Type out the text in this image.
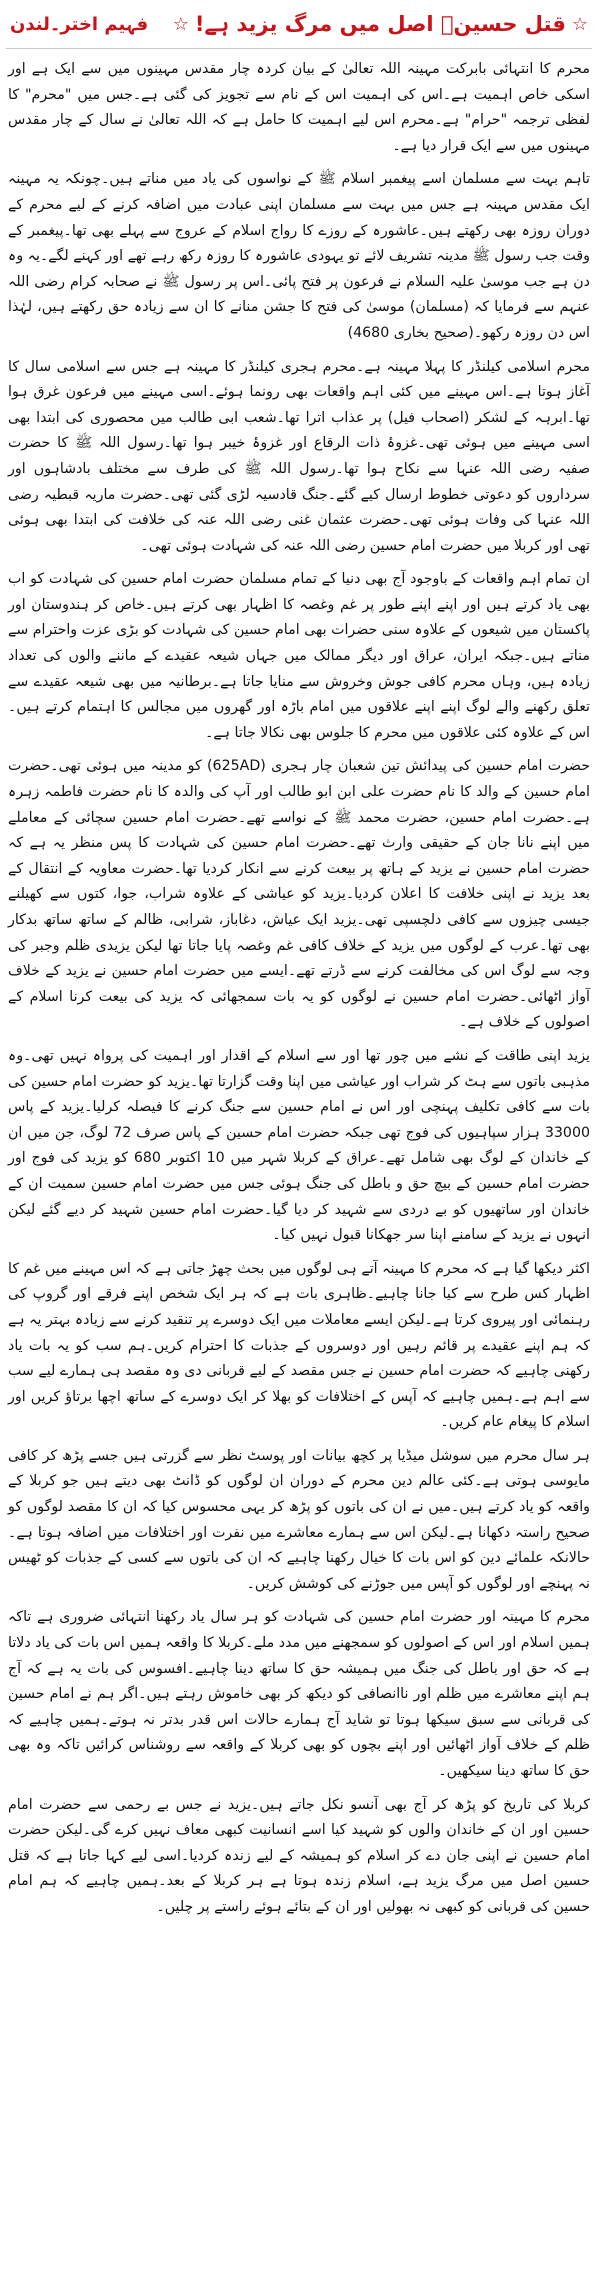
☆
قتل حسینؓ اصل میں مرگ یزید ہے!
☆
فہیم اختر۔لندن

محرم کا انتہائی بابرکت مہینہ اللہ تعالیٰ کے بیان کردہ چار مقدس مہینوں میں سے ایک ہے اور اسکی خاص اہمیت ہے۔اس کی اہمیت اس کے نام سے تجویز کی گئی ہے۔جس میں "محرم" کا لفظی ترجمہ "حرام" ہے۔محرم اس لیے اہمیت کا حامل ہے کہ اللہ تعالیٰ نے سال کے چار مقدس مہینوں میں سے ایک قرار دیا ہے۔

تاہم بہت سے مسلمان اسے پیغمبر اسلام ﷺ کے نواسوں کی یاد میں مناتے ہیں۔چونکہ یہ مہینہ ایک مقدس مہینہ ہے جس میں بہت سے مسلمان اپنی عبادت میں اضافہ کرنے کے لیے محرم کے دوران روزہ بھی رکھتے ہیں۔عاشورہ کے روزے کا رواج اسلام کے عروج سے پہلے بھی تھا۔پیغمبر کے وقت جب رسول ﷺ مدینہ تشریف لائے تو یہودی عاشورہ کا روزہ رکھ رہے تھے اور کہنے لگے۔یہ وہ دن ہے جب موسیٰ علیہ السلام نے فرعون پر فتح پائی۔اس پر رسول ﷺ نے صحابہ کرام رضی اللہ عنہم سے فرمایا کہ (مسلمان) موسیٰ کی فتح کا جشن منانے کا ان سے زیادہ حق رکھتے ہیں، لہٰذا اس دن روزہ رکھو۔(صحیح بخاری 4680)

محرم اسلامی کیلنڈر کا پہلا مہینہ ہے۔محرم ہجری کیلنڈر کا مہینہ ہے جس سے اسلامی سال کا آغاز ہوتا ہے۔اس مہینے میں کئی اہم واقعات بھی رونما ہوئے۔اسی مہینے میں فرعون غرق ہوا تھا۔ابرہہ کے لشکر (اصحاب فیل) پر عذاب اترا تھا۔شعب ابی طالب میں محصوری کی ابتدا بھی اسی مہینے میں ہوئی تھی۔غزوۂ ذات الرقاع اور غزوۂ خیبر ہوا تھا۔رسول اللہ ﷺ کا حضرت صفیہ رضی اللہ عنہا سے نکاح ہوا تھا۔رسول اللہ ﷺ کی طرف سے مختلف بادشاہوں اور سرداروں کو دعوتی خطوط ارسال کیے گئے۔جنگ قادسیہ لڑی گئی تھی۔حضرت ماریہ قبطیہ رضی اللہ عنہا کی وفات ہوئی تھی۔حضرت عثمان غنی رضی اللہ عنہ کی خلافت کی ابتدا بھی ہوئی تھی اور کربلا میں حضرت امام حسین رضی اللہ عنہ کی شہادت ہوئی تھی۔

ان تمام اہم واقعات کے باوجود آج بھی دنیا کے تمام مسلمان حضرت امام حسین کی شہادت کو اب بھی یاد کرتے ہیں اور اپنے اپنے طور پر غم وغصہ کا اظہار بھی کرتے ہیں۔خاص کر ہندوستان اور پاکستان میں شیعوں کے علاوہ سنی حضرات بھی امام حسین کی شہادت کو بڑی عزت واحترام سے مناتے ہیں۔جبکہ ایران، عراق اور دیگر ممالک میں جہاں شیعہ عقیدے کے ماننے والوں کی تعداد زیادہ ہیں، وہاں محرم کافی جوش وخروش سے منایا جاتا ہے۔برطانیہ میں بھی شیعہ عقیدے سے تعلق رکھنے والے لوگ اپنے اپنے علاقوں میں امام باڑہ اور گھروں میں مجالس کا اہتمام کرتے ہیں۔اس کے علاوہ کئی علاقوں میں محرم کا جلوس بھی نکالا جاتا ہے۔

حضرت امام حسین کی پیدائش تین شعبان چار ہجری (625AD) کو مدینہ میں ہوئی تھی۔حضرت امام حسین کے والد کا نام حضرت علی ابن ابو طالب اور آپ کی والدہ کا نام حضرت فاطمہ زہرہ ہے۔حضرت امام حسین، حضرت محمد ﷺ کے نواسے تھے۔حضرت امام حسین سچائی کے معاملے میں اپنے نانا جان کے حقیقی وارث تھے۔حضرت امام حسین کی شہادت کا پس منظر یہ ہے کہ حضرت امام حسین نے یزید کے ہاتھ پر بیعت کرنے سے انکار کردیا تھا۔حضرت معاویہ کے انتقال کے بعد یزید نے اپنی خلافت کا اعلان کردیا۔یزید کو عیاشی کے علاوہ شراب، جوا، کتوں سے کھیلنے جیسی چیزوں سے کافی دلچسپی تھی۔یزید ایک عیاش، دغاباز، شرابی، ظالم کے ساتھ ساتھ بدکار بھی تھا۔عرب کے لوگوں میں یزید کے خلاف کافی غم وغصہ پایا جاتا تھا لیکن یزیدی ظلم وجبر کی وجہ سے لوگ اس کی مخالفت کرنے سے ڈرتے تھے۔ایسے میں حضرت امام حسین نے یزید کے خلاف آواز اٹھائی۔حضرت امام حسین نے لوگوں کو یہ بات سمجھائی کہ یزید کی بیعت کرنا اسلام کے اصولوں کے خلاف ہے۔

یزید اپنی طاقت کے نشے میں چور تھا اور سے اسلام کے اقدار اور اہمیت کی پرواہ نہیں تھی۔وہ مذہبی باتوں سے ہٹ کر شراب اور عیاشی میں اپنا وقت گزارتا تھا۔یزید کو حضرت امام حسین کی بات سے کافی تکلیف پہنچی اور اس نے امام حسین سے جنگ کرنے کا فیصلہ کرلیا۔یزید کے پاس 33000 ہزار سپاہیوں کی فوج تھی جبکہ حضرت امام حسین کے پاس صرف 72 لوگ، جن میں ان کے خاندان کے لوگ بھی شامل تھے۔عراق کے کربلا شہر میں 10 اکتوبر 680 کو یزید کی فوج اور حضرت امام حسین کے بیچ حق و باطل کی جنگ ہوئی جس میں حضرت امام حسین سمیت ان کے خاندان اور ساتھیوں کو بے دردی سے شہید کر دیا گیا۔حضرت امام حسین شہید کر دیے گئے لیکن انہوں نے یزید کے سامنے اپنا سر جھکانا قبول نہیں کیا۔

اکثر دیکھا گیا ہے کہ محرم کا مہینہ آتے ہی لوگوں میں بحث چھڑ جاتی ہے کہ اس مہینے میں غم کا اظہار کس طرح سے کیا جانا چاہیے۔ظاہری بات ہے کہ ہر ایک شخص اپنے فرقے اور گروپ کی رہنمائی اور پیروی کرتا ہے۔لیکن ایسے معاملات میں ایک دوسرے پر تنقید کرنے سے زیادہ بہتر یہ ہے کہ ہم اپنے عقیدے پر قائم رہیں اور دوسروں کے جذبات کا احترام کریں۔ہم سب کو یہ بات یاد رکھنی چاہیے کہ حضرت امام حسین نے جس مقصد کے لیے قربانی دی وہ مقصد ہی ہمارے لیے سب سے اہم ہے۔ہمیں چاہیے کہ آپس کے اختلافات کو بھلا کر ایک دوسرے کے ساتھ اچھا برتاؤ کریں اور اسلام کا پیغام عام کریں۔

ہر سال محرم میں سوشل میڈیا پر کچھ بیانات اور پوسٹ نظر سے گزرتی ہیں جسے پڑھ کر کافی مایوسی ہوتی ہے۔کئی عالم دین محرم کے دوران ان لوگوں کو ڈانٹ بھی دیتے ہیں جو کربلا کے واقعہ کو یاد کرتے ہیں۔میں نے ان کی باتوں کو پڑھ کر یہی محسوس کیا کہ ان کا مقصد لوگوں کو صحیح راستہ دکھانا ہے۔لیکن اس سے ہمارے معاشرے میں نفرت اور اختلافات میں اضافہ ہوتا ہے۔حالانکہ علمائے دین کو اس بات کا خیال رکھنا چاہیے کہ ان کی باتوں سے کسی کے جذبات کو ٹھیس نہ پہنچے اور لوگوں کو آپس میں جوڑنے کی کوشش کریں۔

محرم کا مہینہ اور حضرت امام حسین کی شہادت کو ہر سال یاد رکھنا انتہائی ضروری ہے تاکہ ہمیں اسلام اور اس کے اصولوں کو سمجھنے میں مدد ملے۔کربلا کا واقعہ ہمیں اس بات کی یاد دلاتا ہے کہ حق اور باطل کی جنگ میں ہمیشہ حق کا ساتھ دینا چاہیے۔افسوس کی بات یہ ہے کہ آج ہم اپنے معاشرے میں ظلم اور ناانصافی کو دیکھ کر بھی خاموش رہتے ہیں۔اگر ہم نے امام حسین کی قربانی سے سبق سیکھا ہوتا تو شاید آج ہمارے حالات اس قدر بدتر نہ ہوتے۔ہمیں چاہیے کہ ظلم کے خلاف آواز اٹھائیں اور اپنے بچوں کو بھی کربلا کے واقعہ سے روشناس کرائیں تاکہ وہ بھی حق کا ساتھ دینا سیکھیں۔

کربلا کی تاریخ کو پڑھ کر آج بھی آنسو نکل جاتے ہیں۔یزید نے جس بے رحمی سے حضرت امام حسین اور ان کے خاندان والوں کو شہید کیا اسے انسانیت کبھی معاف نہیں کرے گی۔لیکن حضرت امام حسین نے اپنی جان دے کر اسلام کو ہمیشہ کے لیے زندہ کردیا۔اسی لیے کہا جاتا ہے کہ قتل حسین اصل میں مرگ یزید ہے، اسلام زندہ ہوتا ہے ہر کربلا کے بعد۔ہمیں چاہیے کہ ہم امام حسین کی قربانی کو کبھی نہ بھولیں اور ان کے بتائے ہوئے راستے پر چلیں۔
